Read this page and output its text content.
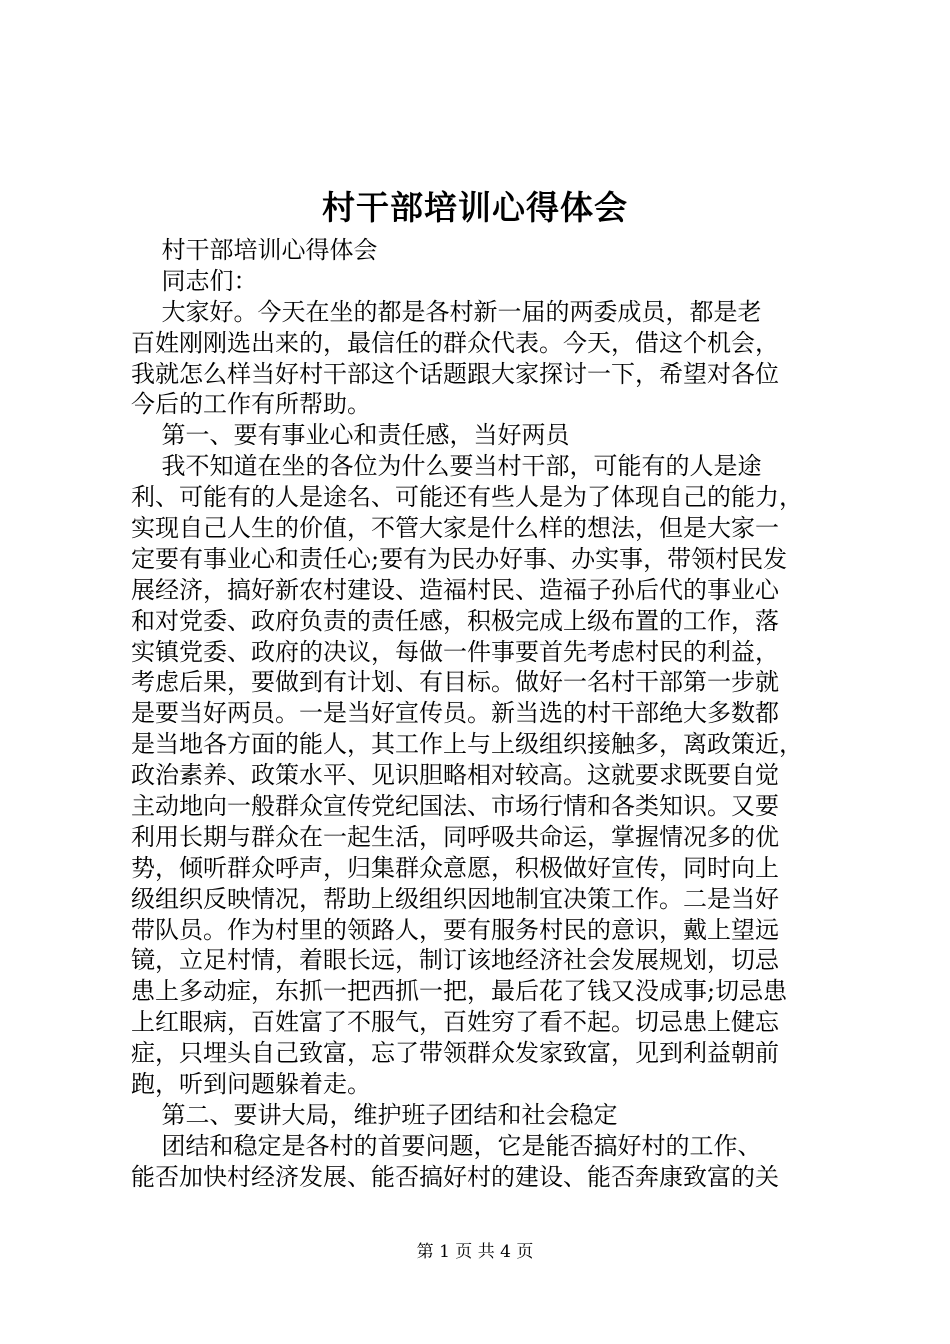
村干部培训心得体会
村干部培训心得体会
同志们：
大家好。今天在坐的都是各村新一届的两委成员，都是老
百姓刚刚选出来的，最信任的群众代表。今天，借这个机会，
我就怎么样当好村干部这个话题跟大家探讨一下，希望对各位
今后的工作有所帮助。
第一、要有事业心和责任感，当好两员
我不知道在坐的各位为什么要当村干部，可能有的人是途
利、可能有的人是途名、可能还有些人是为了体现自己的能力，
实现自己人生的价值，不管大家是什么样的想法，但是大家一
定要有事业心和责任心;要有为民办好事、办实事，带领村民发
展经济，搞好新农村建设、造福村民、造福子孙后代的事业心
和对党委、政府负责的责任感，积极完成上级布置的工作，落
实镇党委、政府的决议，每做一件事要首先考虑村民的利益，
考虑后果，要做到有计划、有目标。做好一名村干部第一步就
是要当好两员。一是当好宣传员。新当选的村干部绝大多数都
是当地各方面的能人，其工作上与上级组织接触多，离政策近，
政治素养、政策水平、见识胆略相对较高。这就要求既要自觉
主动地向一般群众宣传党纪国法、市场行情和各类知识。又要
利用长期与群众在一起生活，同呼吸共命运，掌握情况多的优
势，倾听群众呼声，归集群众意愿，积极做好宣传，同时向上
级组织反映情况，帮助上级组织因地制宜决策工作。二是当好
带队员。作为村里的领路人，要有服务村民的意识，戴上望远
镜，立足村情，着眼长远，制订该地经济社会发展规划，切忌
患上多动症，东抓一把西抓一把，最后花了钱又没成事;切忌患
上红眼病，百姓富了不服气，百姓穷了看不起。切忌患上健忘
症，只埋头自己致富，忘了带领群众发家致富，见到利益朝前
跑，听到问题躲着走。
第二、要讲大局，维护班子团结和社会稳定
团结和稳定是各村的首要问题，它是能否搞好村的工作、
能否加快村经济发展、能否搞好村的建设、能否奔康致富的关
第 1 页 共 4 页
